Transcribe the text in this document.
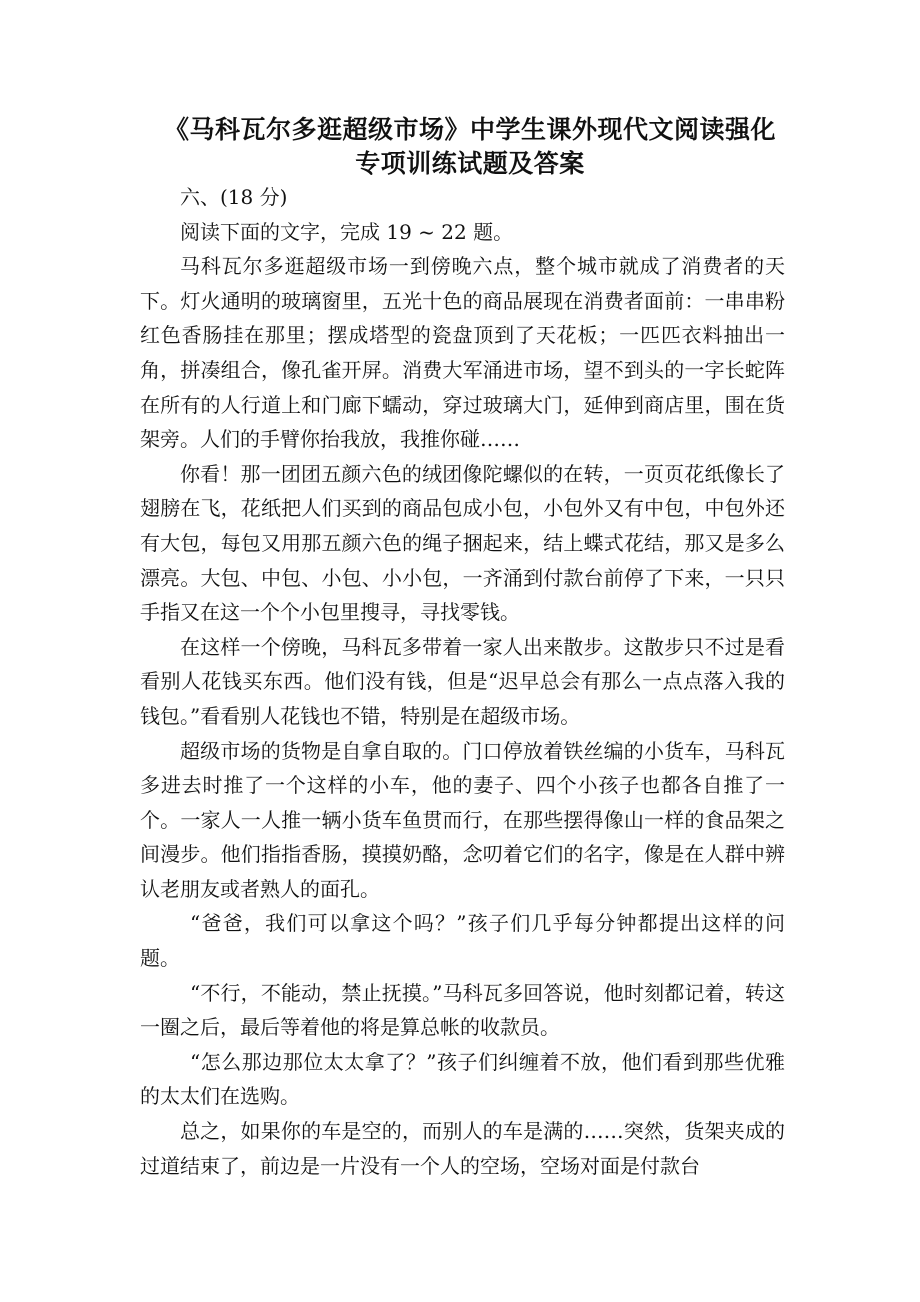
《马科瓦尔多逛超级市场》中学生课外现代文阅读强化
专项训练试题及答案

六、(18 分)

阅读下面的文字，完成 19 ~ 22 题。

马科瓦尔多逛超级市场一到傍晚六点，整个城市就成了消费者的天下。灯火通明的玻璃窗里，五光十色的商品展现在消费者面前：一串串粉红色香肠挂在那里；摆成塔型的瓷盘顶到了天花板；一匹匹衣料抽出一角，拼凑组合，像孔雀开屏。消费大军涌进市场，望不到头的一字长蛇阵在所有的人行道上和门廊下蠕动，穿过玻璃大门，延伸到商店里，围在货架旁。人们的手臂你抬我放，我推你碰……

你看！那一团团五颜六色的绒团像陀螺似的在转，一页页花纸像长了翅膀在飞，花纸把人们买到的商品包成小包，小包外又有中包，中包外还有大包，每包又用那五颜六色的绳子捆起来，结上蝶式花结，那又是多么漂亮。大包、中包、小包、小小包，一齐涌到付款台前停了下来，一只只手指又在这一个个小包里搜寻，寻找零钱。

在这样一个傍晚，马科瓦多带着一家人出来散步。这散步只不过是看看别人花钱买东西。他们没有钱，但是“迟早总会有那么一点点落入我的钱包。”看看别人花钱也不错，特别是在超级市场。

超级市场的货物是自拿自取的。门口停放着铁丝编的小货车，马科瓦多进去时推了一个这样的小车，他的妻子、四个小孩子也都各自推了一个。一家人一人推一辆小货车鱼贯而行，在那些摆得像山一样的食品架之间漫步。他们指指香肠，摸摸奶酪，念叨着它们的名字，像是在人群中辨认老朋友或者熟人的面孔。

“爸爸，我们可以拿这个吗？”孩子们几乎每分钟都提出这样的问题。

“不行，不能动，禁止抚摸。”马科瓦多回答说，他时刻都记着，转这一圈之后，最后等着他的将是算总帐的收款员。

“怎么那边那位太太拿了？”孩子们纠缠着不放，他们看到那些优雅的太太们在选购。

总之，如果你的车是空的，而别人的车是满的……突然，货架夹成的过道结束了，前边是一片没有一个人的空场，空场对面是付款台
